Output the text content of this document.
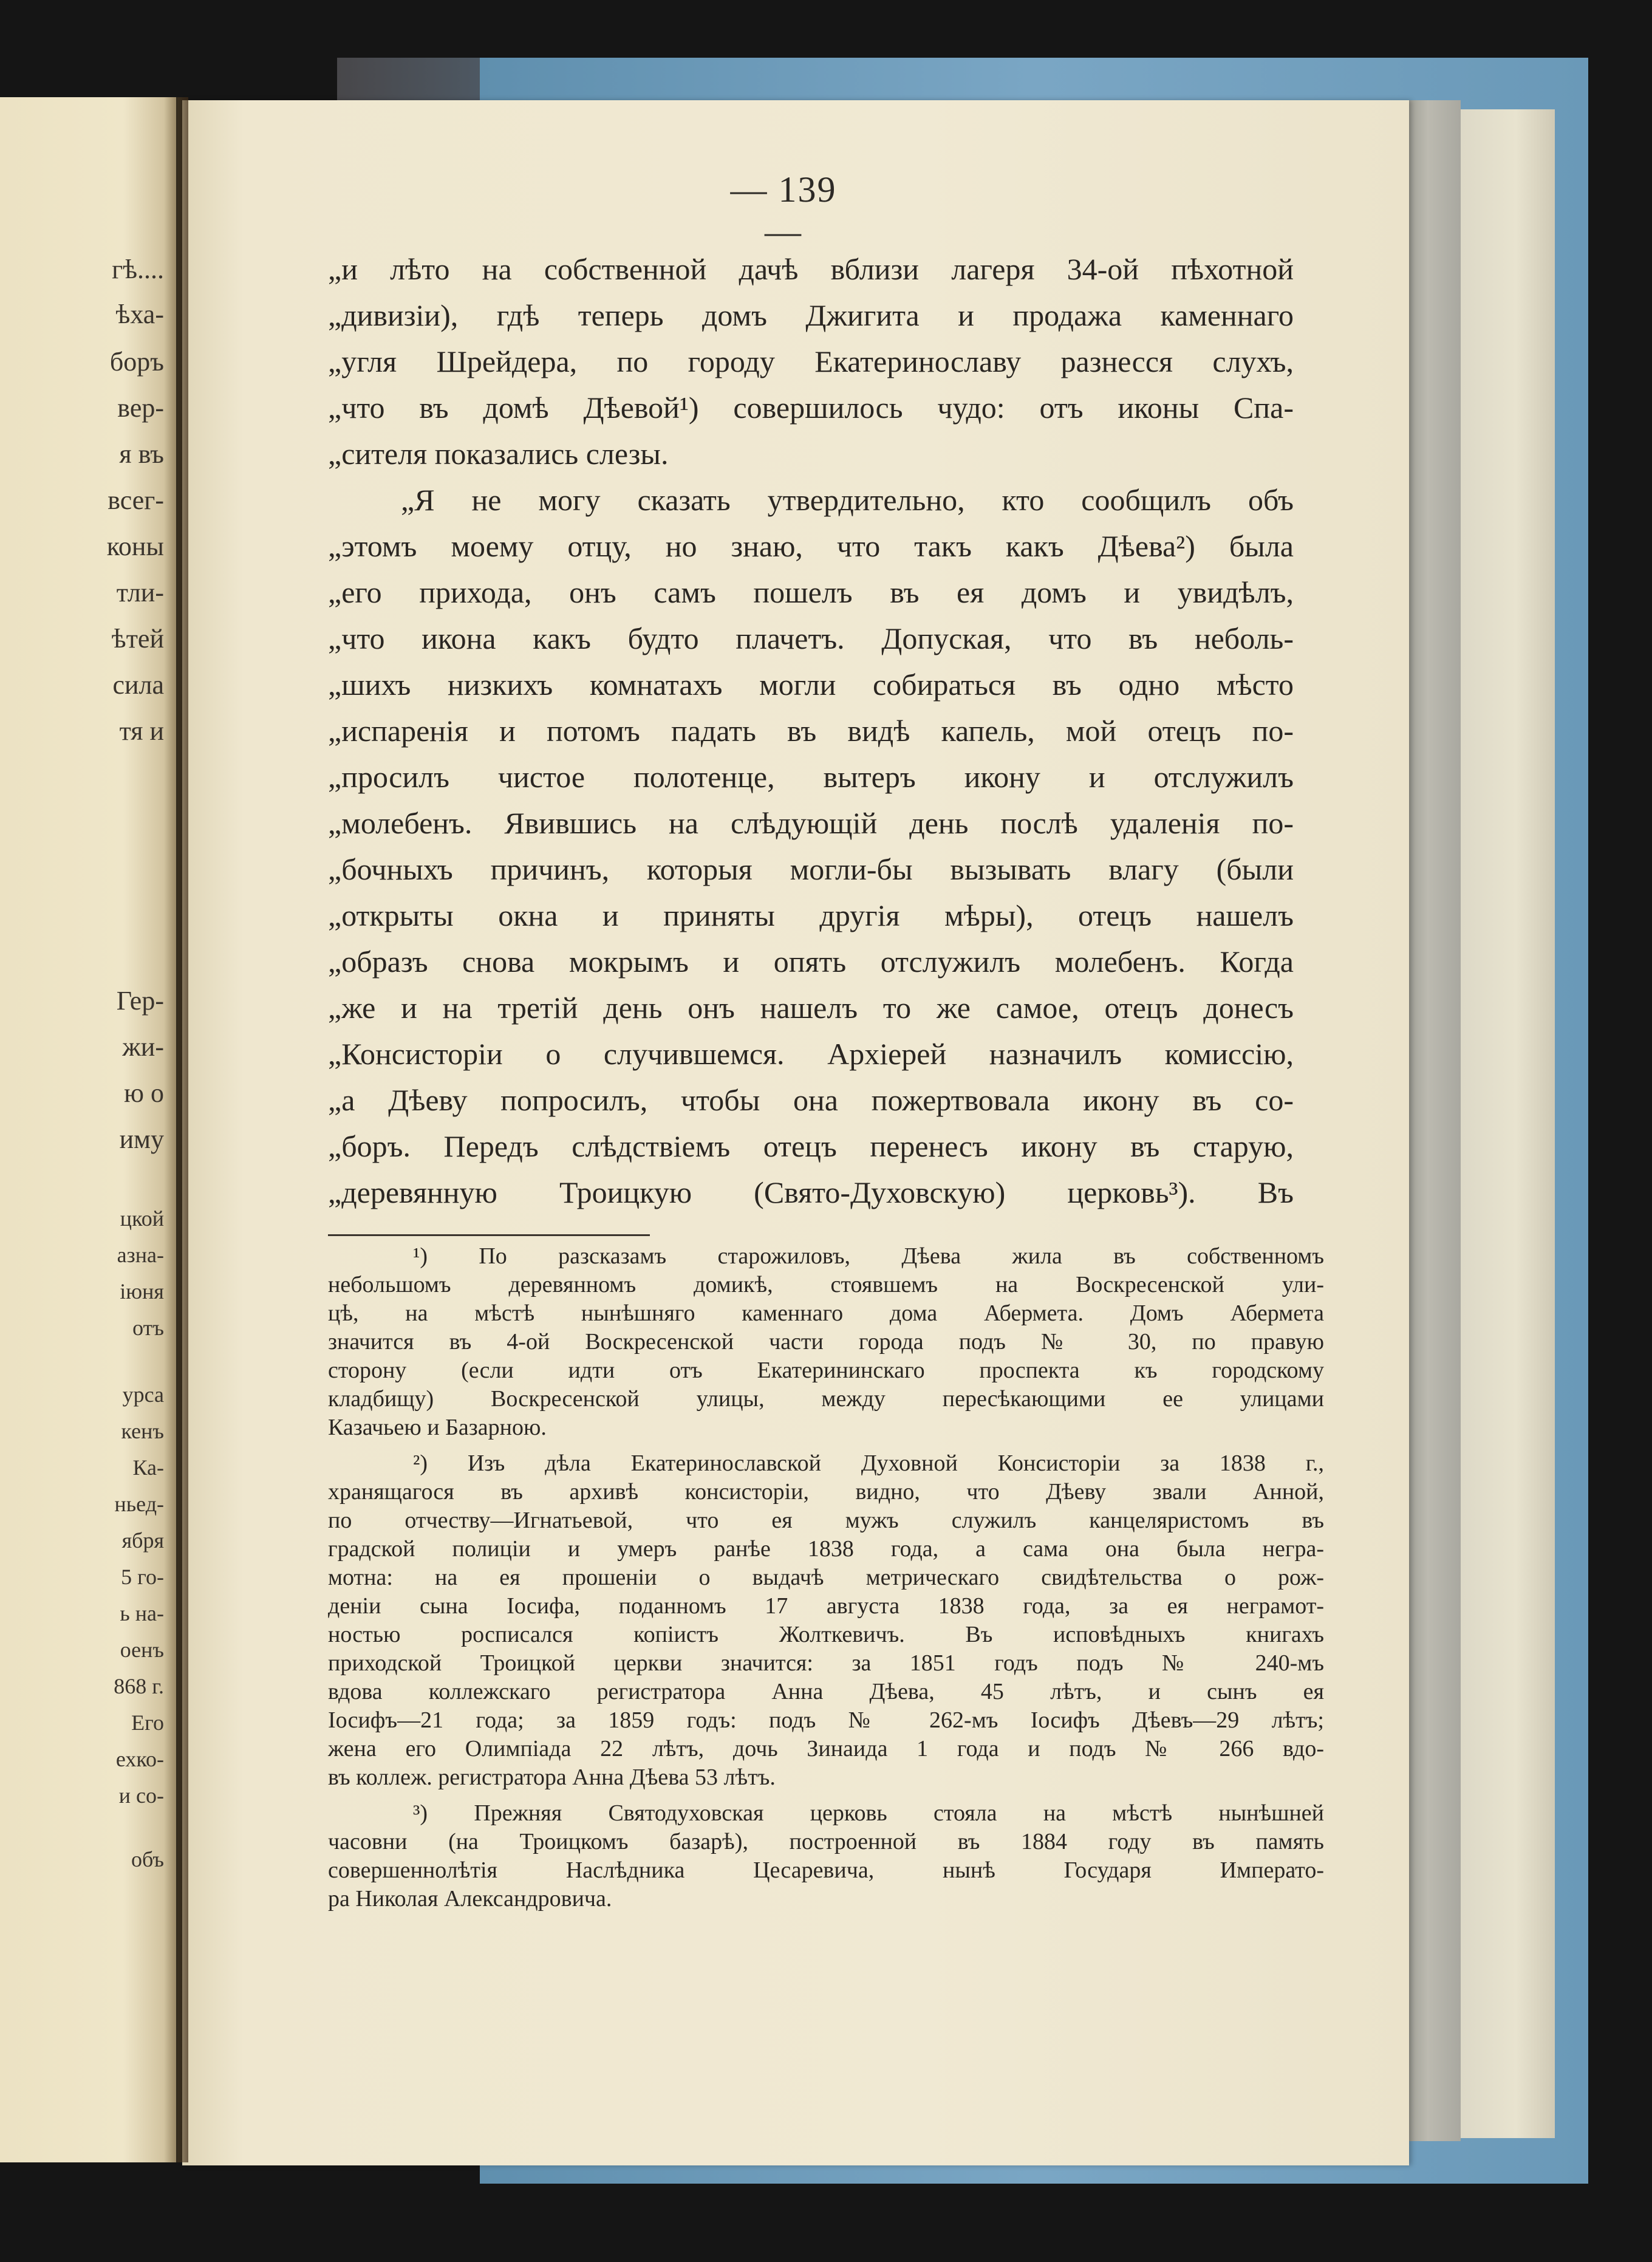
гѣ....

ѣха-

боръ

вер-

я въ

всег-

коны

тли-

ѣтей

сила

тя и

Гер-

жи-

ю о

иму

цкой

азна-

іюня

отъ

урса

кенъ

Ка-

ньед-

ября

5 го-

ь на-

оенъ

868 г.

Его

ехко-

и со-

объ

— 139 —
„и лѣто на собственной дачѣ вблизи лагеря 34-ой пѣхотной
„дивизіи), гдѣ теперь домъ Джигита и продажа каменнаго
„угля Шрейдера, по городу Екатеринославу разнесся слухъ,
„что въ домѣ Дѣевой¹) совершилось чудо: отъ иконы Спа-
„сителя показались слезы.
„Я не могу сказать утвердительно, кто сообщилъ объ
„этомъ моему отцу, но знаю, что такъ какъ Дѣева²) была
„его прихода, онъ самъ пошелъ въ ея домъ и увидѣлъ,
„что икона какъ будто плачетъ. Допуская, что въ неболь-
„шихъ низкихъ комнатахъ могли собираться въ одно мѣсто
„испаренія и потомъ падать въ видѣ капель, мой отецъ по-
„просилъ чистое полотенце, вытеръ икону и отслужилъ
„молебенъ. Явившись на слѣдующій день послѣ удаленія по-
„бочныхъ причинъ, которыя могли-бы вызывать влагу (были
„открыты окна и приняты другія мѣры), отецъ нашелъ
„образъ снова мокрымъ и опять отслужилъ молебенъ. Когда
„же и на третій день онъ нашелъ то же самое, отецъ донесъ
„Консисторіи о случившемся. Архіерей назначилъ комиссію,
„а Дѣеву попросилъ, чтобы она пожертвовала икону въ со-
„боръ. Передъ слѣдствіемъ отецъ перенесъ икону въ старую,
„деревянную Троицкую (Свято-Духовскую) церковь³). Въ
¹) По разсказамъ старожиловъ, Дѣева жила въ собственномъ
небольшомъ деревянномъ домикѣ, стоявшемъ на Воскресенской ули-
цѣ, на мѣстѣ нынѣшняго каменнаго дома Абермета. Домъ Абермета
значится въ 4-ой Воскресенской части города подъ № 30, по правую
сторону (если идти отъ Екатерининскаго проспекта къ городскому
кладбищу) Воскресенской улицы, между пересѣкающими ее улицами
Казачьею и Базарною.
²) Изъ дѣла Екатеринославской Духовной Консисторіи за 1838 г.,
хранящагося въ архивѣ консисторіи, видно, что Дѣеву звали Анной,
по отчеству—Игнатьевой, что ея мужъ служилъ канцеляристомъ въ
градской полиціи и умеръ ранѣе 1838 года, а сама она была негра-
мотна: на ея прошеніи о выдачѣ метрическаго свидѣтельства о рож-
деніи сына Іосифа, поданномъ 17 августа 1838 года, за ея неграмот-
ностью росписался копіистъ Жолткевичъ. Въ исповѣдныхъ книгахъ
приходской Троицкой церкви значится: за 1851 годъ подъ № 240-мъ
вдова коллежскаго регистратора Анна Дѣева, 45 лѣтъ, и сынъ ея
Іосифъ—21 года; за 1859 годъ: подъ № 262-мъ Іосифъ Дѣевъ—29 лѣтъ;
жена его Олимпіада 22 лѣтъ, дочь Зинаида 1 года и подъ № 266 вдо-
въ коллеж. регистратора Анна Дѣева 53 лѣтъ.
³) Прежняя Святодуховская церковь стояла на мѣстѣ нынѣшней
часовни (на Троицкомъ базарѣ), построенной въ 1884 году въ память
совершеннолѣтія Наслѣдника Цесаревича, нынѣ Государя Императо-
ра Николая Александровича.
